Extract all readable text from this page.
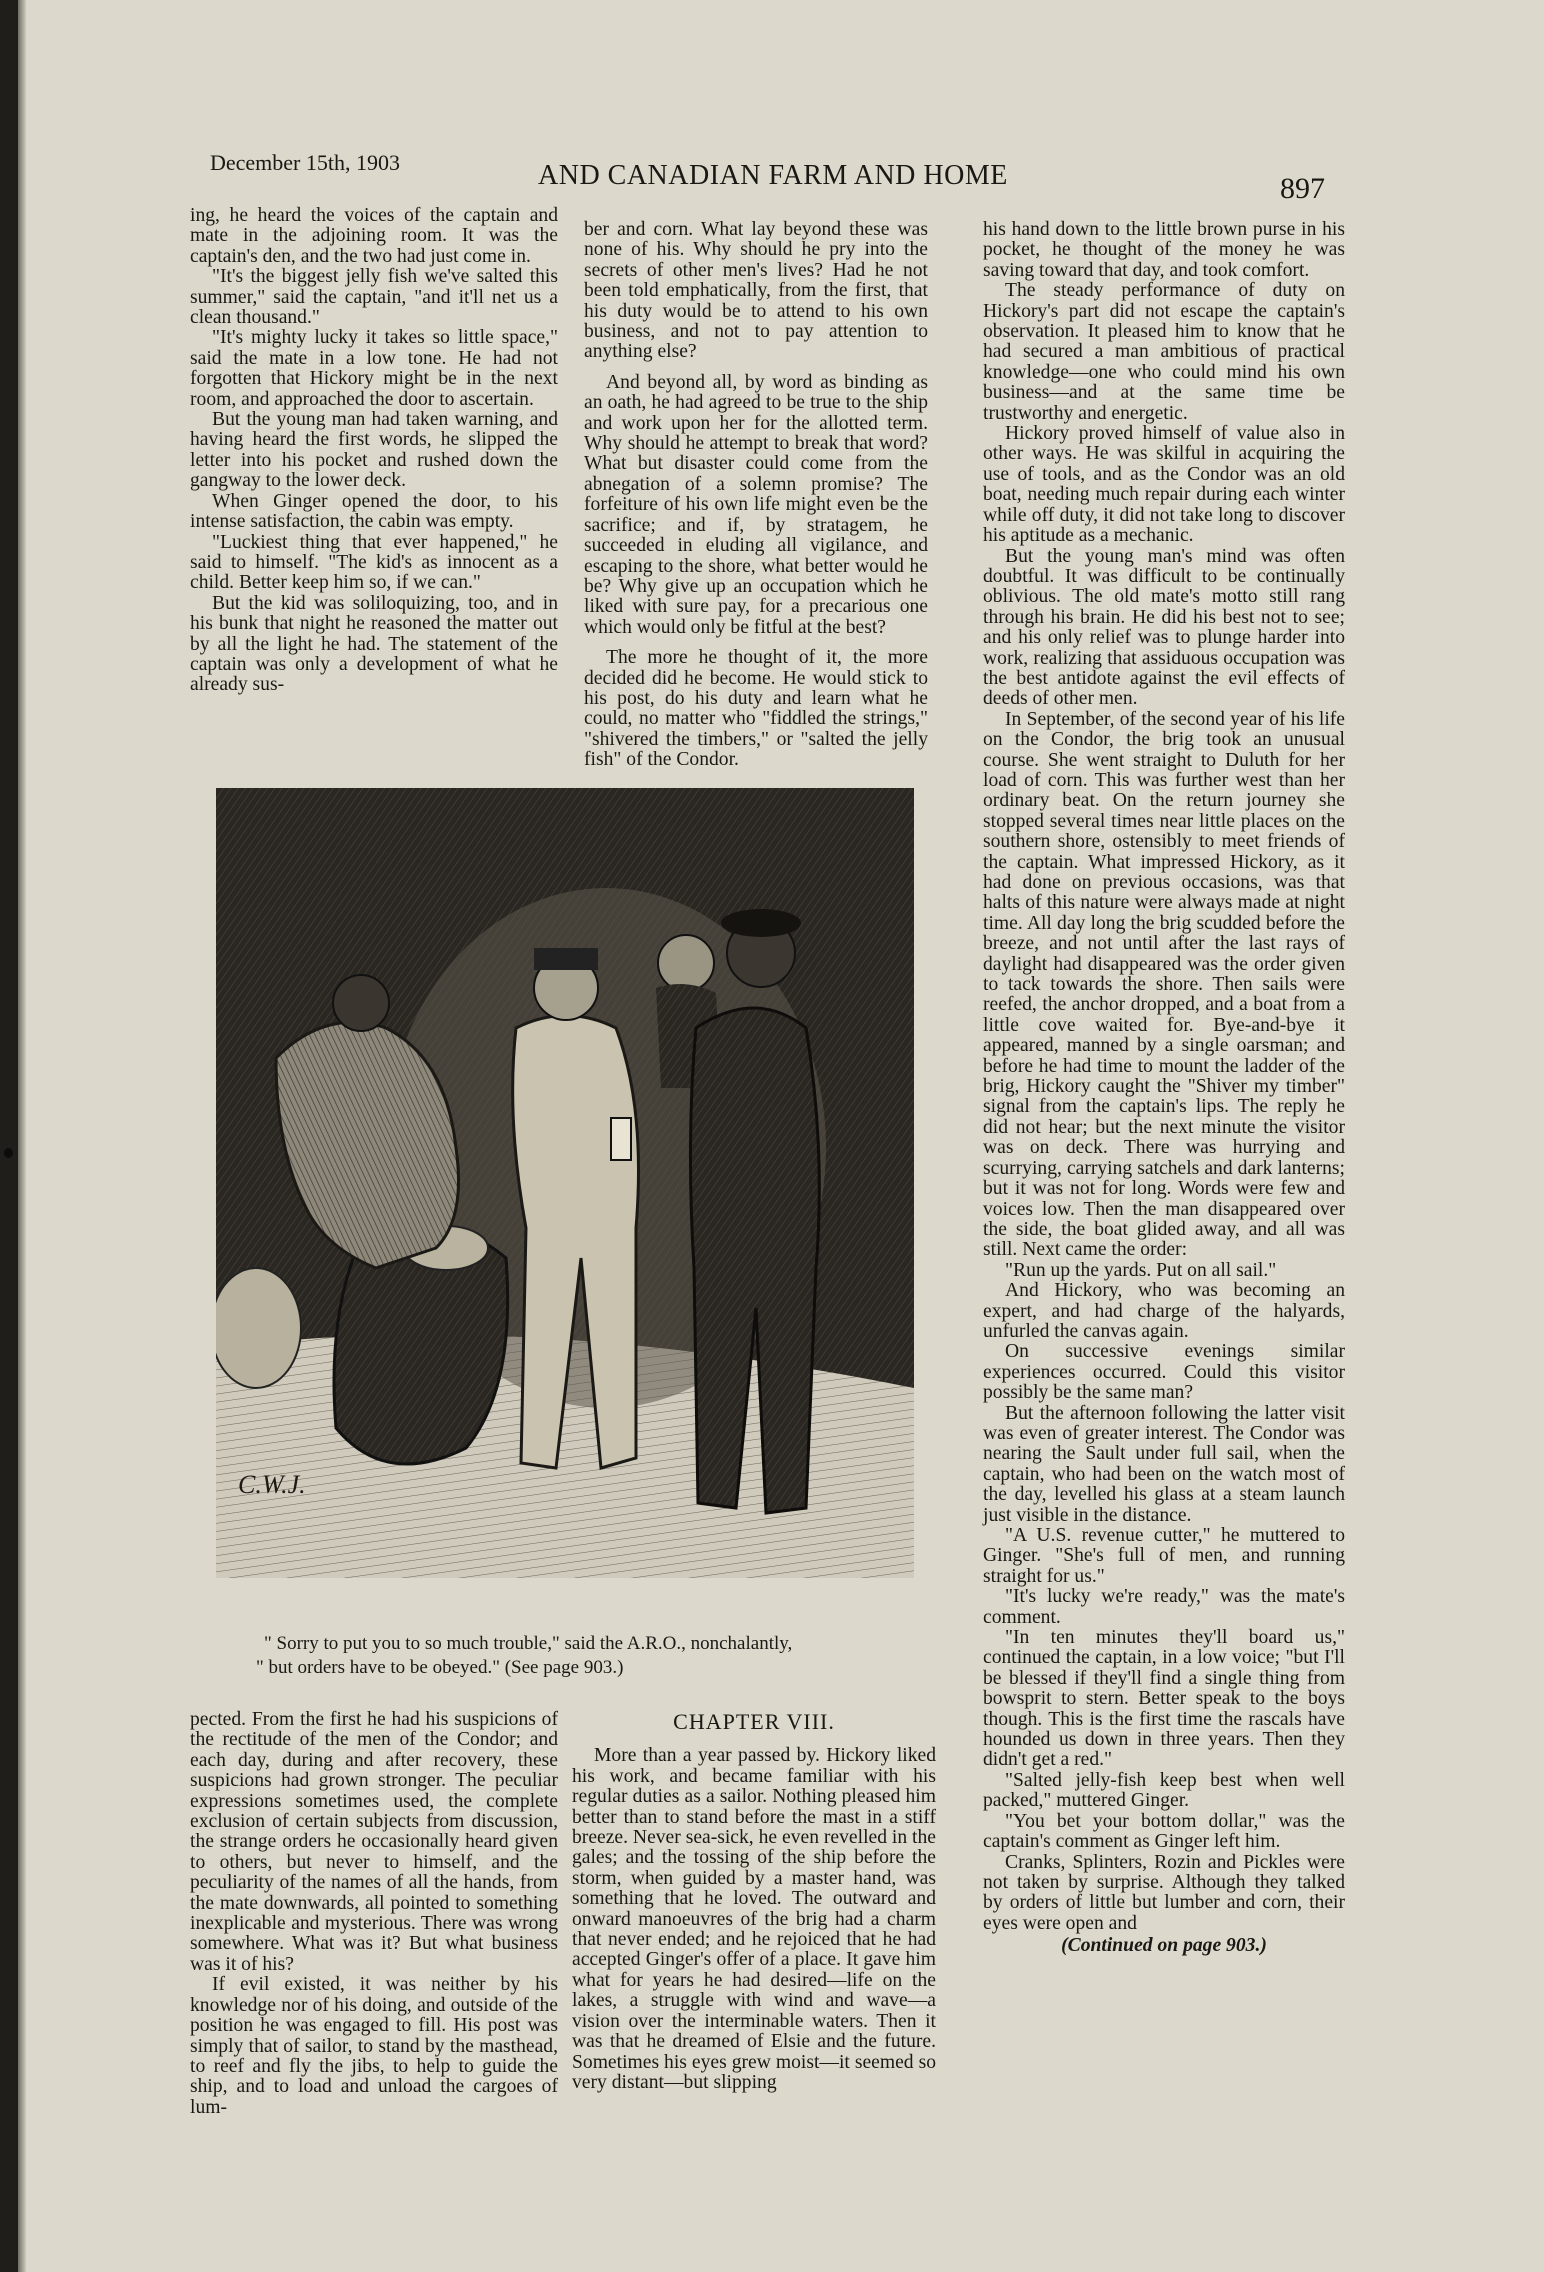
December 15th, 1903	AND CANADIAN FARM AND HOME	897

ing, he heard the voices of the captain and mate in the adjoining room. It was the captain's den, and the two had just come in.

"It's the biggest jelly fish we've salted this summer," said the captain, "and it'll net us a clean thousand."

"It's mighty lucky it takes so little space," said the mate in a low tone. He had not forgotten that Hickory might be in the next room, and approached the door to ascertain.

But the young man had taken warning, and having heard the first words, he slipped the letter into his pocket and rushed down the gangway to the lower deck.

When Ginger opened the door, to his intense satisfaction, the cabin was empty.

"Luckiest thing that ever happened," he said to himself. "The kid's as innocent as a child. Better keep him so, if we can."

But the kid was soliloquizing, too, and in his bunk that night he reasoned the matter out by all the light he had. The statement of the captain was only a development of what he already sus-

ber and corn. What lay beyond these was none of his. Why should he pry into the secrets of other men's lives? Had he not been told emphatically, from the first, that his duty would be to attend to his own business, and not to pay attention to anything else?

And beyond all, by word as binding as an oath, he had agreed to be true to the ship and work upon her for the allotted term. Why should he attempt to break that word? What but disaster could come from the abnegation of a solemn promise? The forfeiture of his own life might even be the sacrifice; and if, by stratagem, he succeeded in eluding all vigilance, and escaping to the shore, what better would he be? Why give up an occupation which he liked with sure pay, for a precarious one which would only be fitful at the best?

The more he thought of it, the more decided did he become. He would stick to his post, do his duty and learn what he could, no matter who "fiddled the strings," "shivered the timbers," or "salted the jelly fish" of the Condor.

his hand down to the little brown purse in his pocket, he thought of the money he was saving toward that day, and took comfort.

The steady performance of duty on Hickory's part did not escape the captain's observation. It pleased him to know that he had secured a man ambitious of practical knowledge—one who could mind his own business—and at the same time be trustworthy and energetic.

Hickory proved himself of value also in other ways. He was skilful in acquiring the use of tools, and as the Condor was an old boat, needing much repair during each winter while off duty, it did not take long to discover his aptitude as a mechanic.

But the young man's mind was often doubtful. It was difficult to be continually oblivious. The old mate's motto still rang through his brain. He did his best not to see; and his only relief was to plunge harder into work, realizing that assiduous occupation was the best antidote against the evil effects of deeds of other men.

In September, of the second year of his life on the Condor, the brig took an unusual course. She went straight to Duluth for her load of corn. This was further west than her ordinary beat. On the return journey she stopped several times near little places on the southern shore, ostensibly to meet friends of the captain. What impressed Hickory, as it had done on previous occasions, was that halts of this nature were always made at night time. All day long the brig scudded before the breeze, and not until after the last rays of daylight had disappeared was the order given to tack towards the shore. Then sails were reefed, the anchor dropped, and a boat from a little cove waited for. Bye-and-bye it appeared, manned by a single oarsman; and before he had time to mount the ladder of the brig, Hickory caught the "Shiver my timber" signal from the captain's lips. The reply he did not hear; but the next minute the visitor was on deck. There was hurrying and scurrying, carrying satchels and dark lanterns; but it was not for long. Words were few and voices low. Then the man disappeared over the side, the boat glided away, and all was still. Next came the order:

"Run up the yards. Put on all sail."

And Hickory, who was becoming an expert, and had charge of the halyards, unfurled the canvas again.

On successive evenings similar experiences occurred. Could this visitor possibly be the same man?

But the afternoon following the latter visit was even of greater interest. The Condor was nearing the Sault under full sail, when the captain, who had been on the watch most of the day, levelled his glass at a steam launch just visible in the distance.

"A U.S. revenue cutter," he muttered to Ginger. "She's full of men, and running straight for us."

"It's lucky we're ready," was the mate's comment.

"In ten minutes they'll board us," continued the captain, in a low voice; "but I'll be blessed if they'll find a single thing from bowsprit to stern. Better speak to the boys though. This is the first time the rascals have hounded us down in three years. Then they didn't get a red."

"Salted jelly-fish keep best when well packed," muttered Ginger.

"You bet your bottom dollar," was the captain's comment as Ginger left him.

Cranks, Splinters, Rozin and Pickles were not taken by surprise. Although they talked by orders of little but lumber and corn, their eyes were open and

(Continued on page 903.)
C.W.J.
" Sorry to put you to so much trouble," said the A.R.O., nonchalantly,
" but orders have to be obeyed." (See page 903.)

pected. From the first he had his suspicions of the rectitude of the men of the Condor; and each day, during and after recovery, these suspicions had grown stronger. The peculiar expressions sometimes used, the complete exclusion of certain subjects from discussion, the strange orders he occasionally heard given to others, but never to himself, and the peculiarity of the names of all the hands, from the mate downwards, all pointed to something inexplicable and mysterious. There was wrong somewhere. What was it? But what business was it of his?

If evil existed, it was neither by his knowledge nor of his doing, and outside of the position he was engaged to fill. His post was simply that of sailor, to stand by the masthead, to reef and fly the jibs, to help to guide the ship, and to load and unload the cargoes of lum-

CHAPTER VIII.

More than a year passed by. Hickory liked his work, and became familiar with his regular duties as a sailor. Nothing pleased him better than to stand before the mast in a stiff breeze. Never sea-sick, he even revelled in the gales; and the tossing of the ship before the storm, when guided by a master hand, was something that he loved. The outward and onward manoeuvres of the brig had a charm that never ended; and he rejoiced that he had accepted Ginger's offer of a place. It gave him what for years he had desired—life on the lakes, a struggle with wind and wave—a vision over the interminable waters. Then it was that he dreamed of Elsie and the future. Sometimes his eyes grew moist—it seemed so very distant—but slipping
